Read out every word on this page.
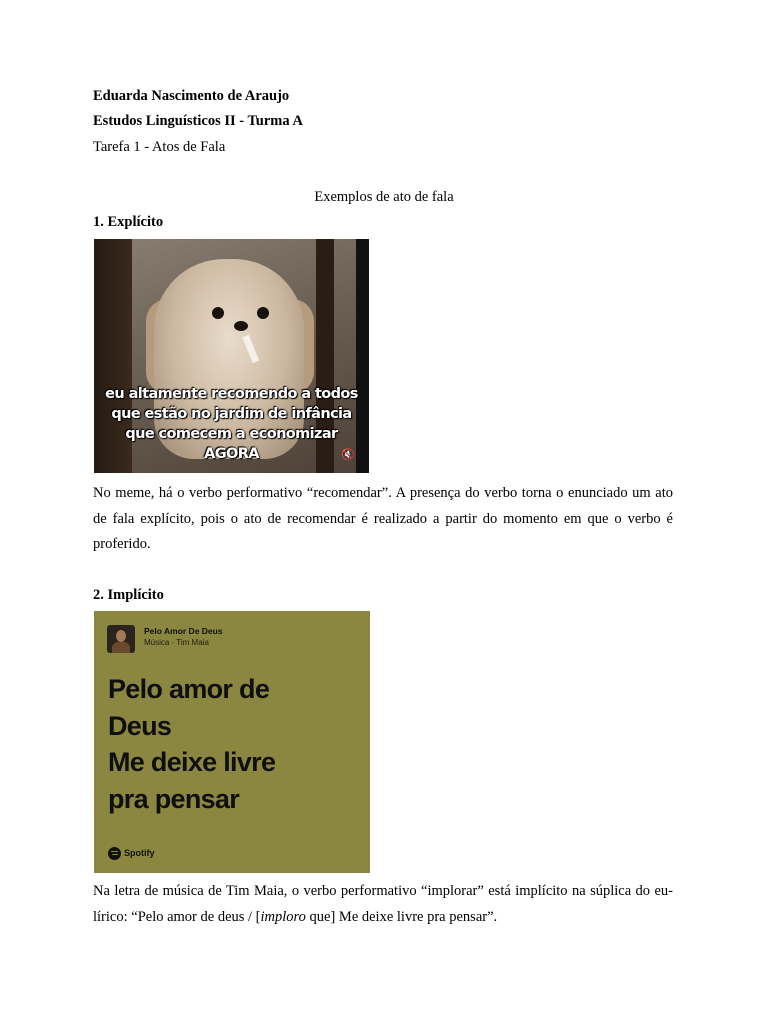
Eduarda Nascimento de Araujo
Estudos Linguísticos II - Turma A
Tarefa 1 - Atos de Fala
Exemplos de ato de fala
1. Explícito
eu altamente recomendo a todos
que estão no jardim de infância
que comecem a economizar
AGORA	🔇
No meme, há o verbo performativo “recomendar”. A presença do verbo torna o enunciado um ato de fala explícito, pois o ato de recomendar é realizado a partir do momento em que o verbo é proferido.
2. Implícito
Pelo Amor De Deus
Música · Tim Maia
Pelo amor de
Deus
Me deixe livre
pra pensar
Spotify
Na letra de música de Tim Maia, o verbo performativo “implorar” está implícito na súplica do eu-lírico: “Pelo amor de deus / [imploro que] Me deixe livre pra pensar”.
